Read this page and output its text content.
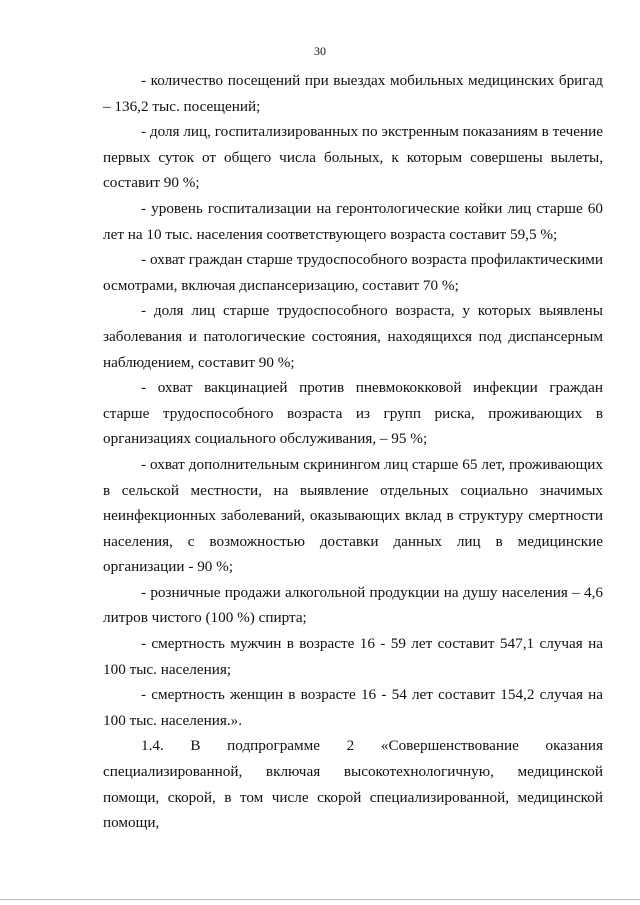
30

- количество посещений при выездах мобильных медицинских бригад – 136,2 тыс. посещений;

- доля лиц, госпитализированных по экстренным показаниям в течение первых суток от общего числа больных, к которым совершены вылеты, составит 90 %;

- уровень госпитализации на геронтологические койки лиц старше 60 лет на 10 тыс. населения соответствующего возраста составит 59,5 %;

- охват граждан старше трудоспособного возраста профилактическими осмотрами, включая диспансеризацию, составит 70 %;

- доля лиц старше трудоспособного возраста, у которых выявлены заболевания и патологические состояния, находящихся под диспансерным наблюдением, составит 90 %;

- охват вакцинацией против пневмококковой инфекции граждан старше трудоспособного возраста из групп риска, проживающих в организациях социального обслуживания, – 95 %;

- охват дополнительным скринингом лиц старше 65 лет, проживающих в сельской местности, на выявление отдельных социально значимых неинфекционных заболеваний, оказывающих вклад в структуру смертности населения, с возможностью доставки данных лиц в медицинские организации - 90 %;

- розничные продажи алкогольной продукции на душу населения – 4,6 литров чистого (100 %) спирта;

- смертность мужчин в возрасте 16 - 59 лет составит 547,1 случая на 100 тыс. населения;

- смертность женщин в возрасте 16 - 54 лет составит 154,2 случая на 100 тыс. населения.».

1.4. В подпрограмме 2 «Совершенствование оказания специализированной, включая высокотехнологичную, медицинской помощи, скорой, в том числе скорой специализированной, медицинской помощи,
